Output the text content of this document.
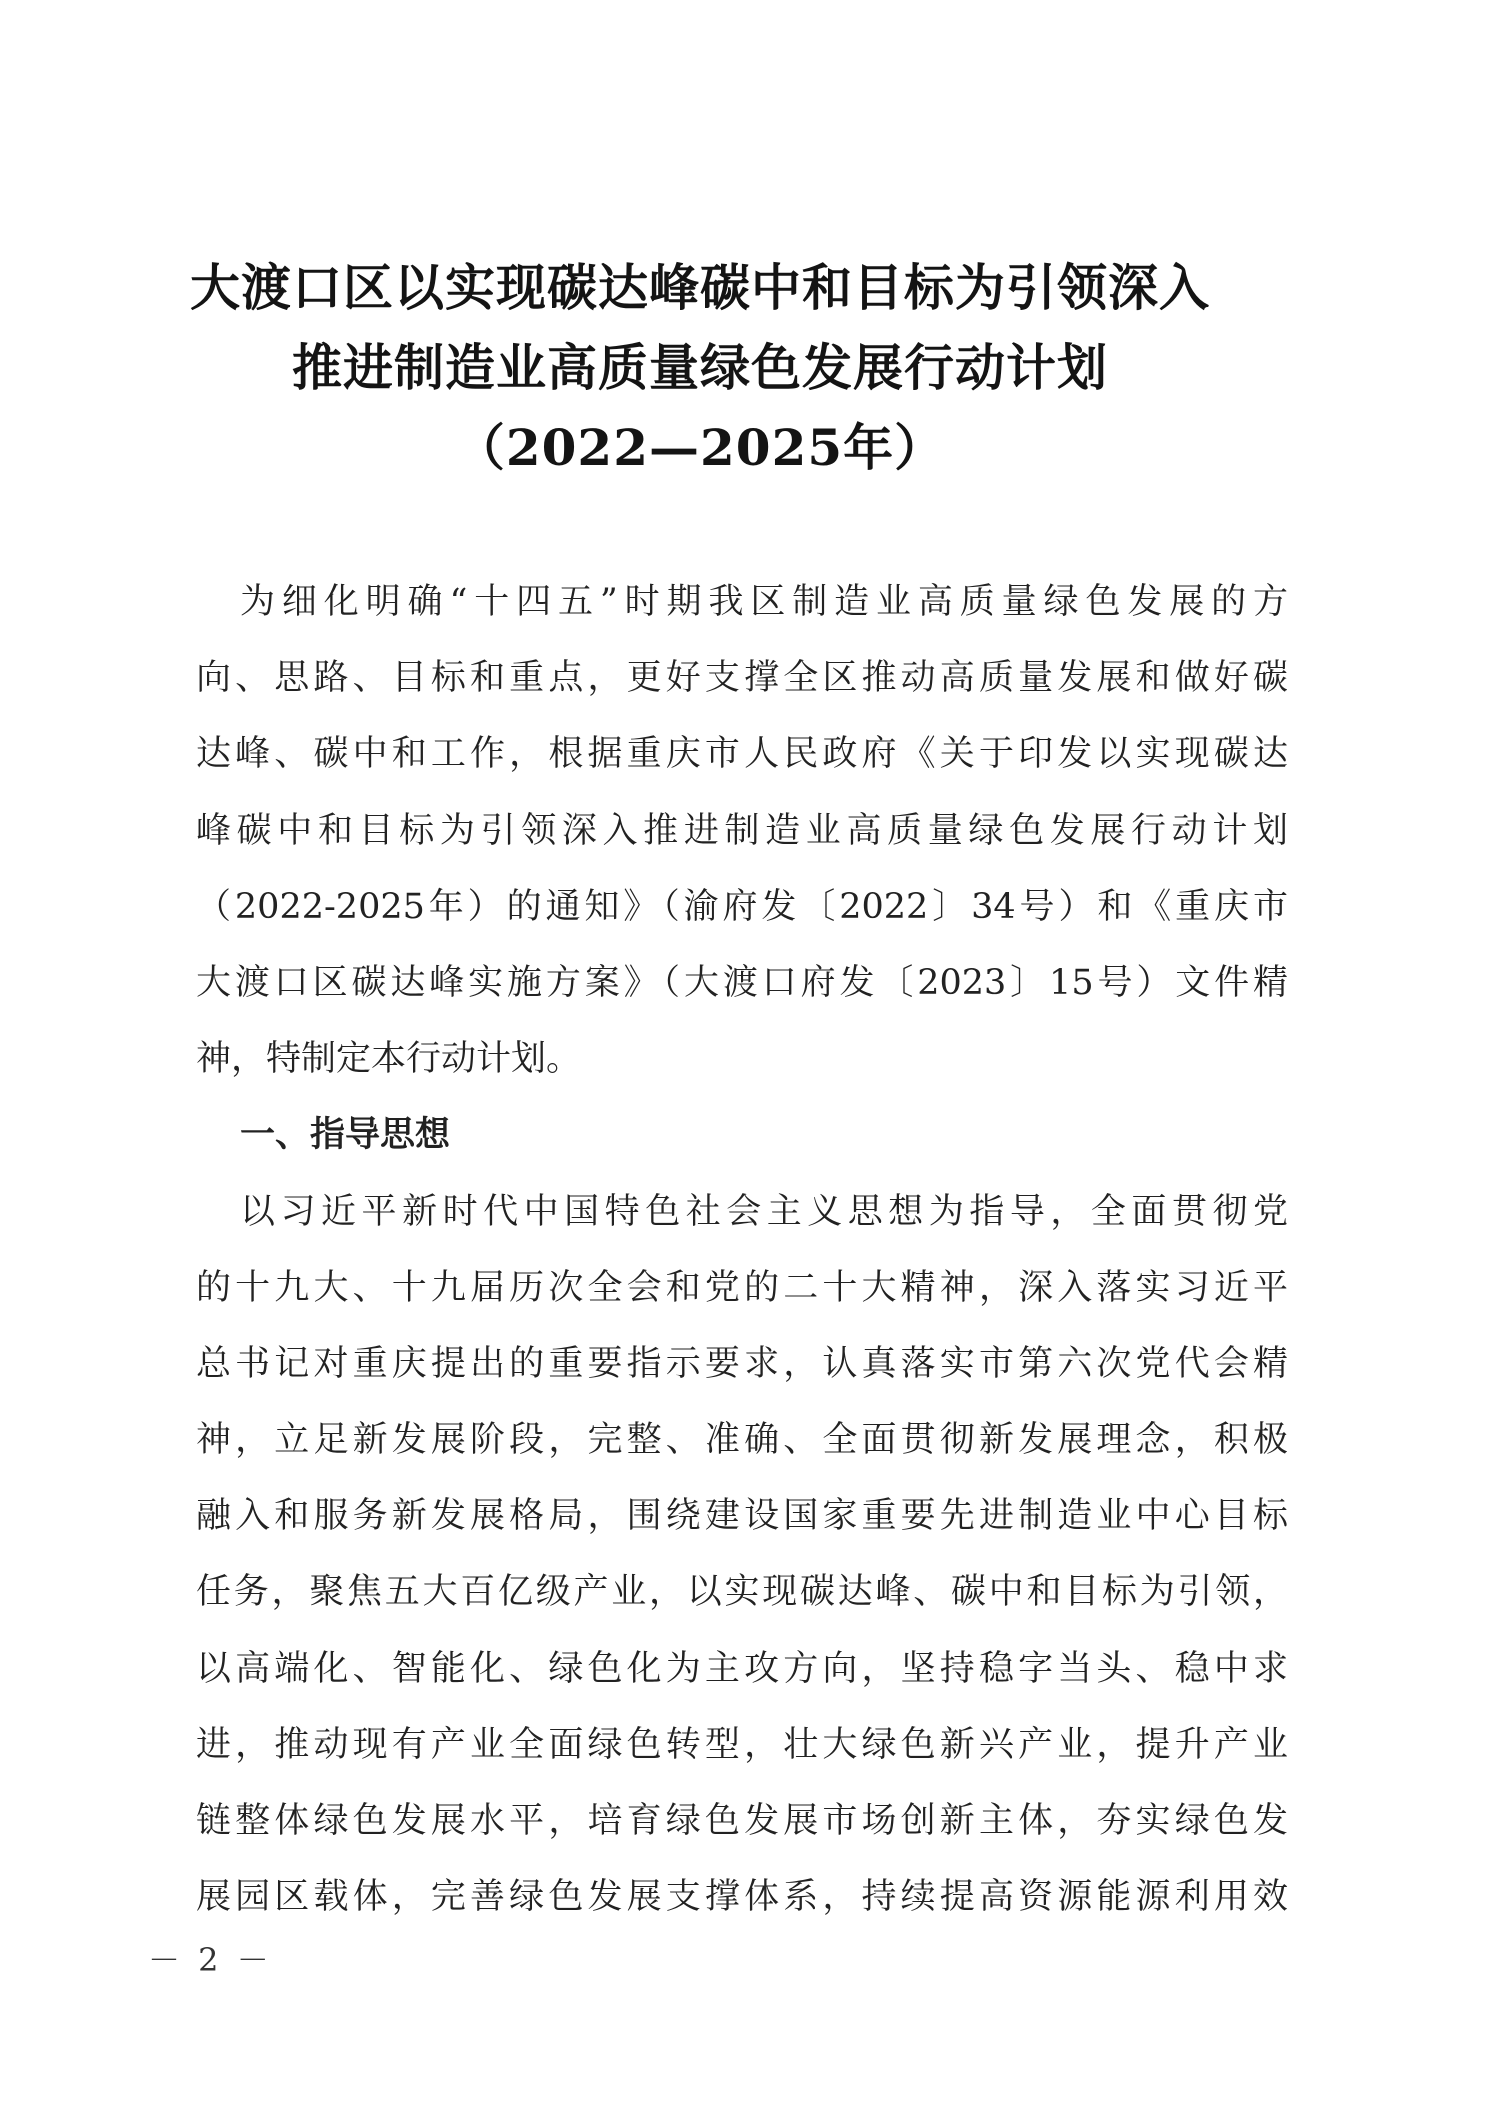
大渡口区以实现碳达峰碳中和目标为引领深入
推进制造业高质量绿色发展行动计划
（2022—2025年）
为细化明确“十四五”时期我区制造业高质量绿色发展的方
向、思路、目标和重点，更好支撑全区推动高质量发展和做好碳
达峰、碳中和工作，根据重庆市人民政府《关于印发以实现碳达
峰碳中和目标为引领深入推进制造业高质量绿色发展行动计划
（2022-2025年）的通知》（渝府发〔2022〕34号）和《重庆市
大渡口区碳达峰实施方案》（大渡口府发〔2023〕15号）文件精
神，特制定本行动计划。
一、指导思想
以习近平新时代中国特色社会主义思想为指导，全面贯彻党
的十九大、十九届历次全会和党的二十大精神，深入落实习近平
总书记对重庆提出的重要指示要求，认真落实市第六次党代会精
神，立足新发展阶段，完整、准确、全面贯彻新发展理念，积极
融入和服务新发展格局，围绕建设国家重要先进制造业中心目标
任务，聚焦五大百亿级产业，以实现碳达峰、碳中和目标为引领，
以高端化、智能化、绿色化为主攻方向，坚持稳字当头、稳中求
进，推动现有产业全面绿色转型，壮大绿色新兴产业，提升产业
链整体绿色发展水平，培育绿色发展市场创新主体，夯实绿色发
展园区载体，完善绿色发展支撑体系，持续提高资源能源利用效
－ 2 －
